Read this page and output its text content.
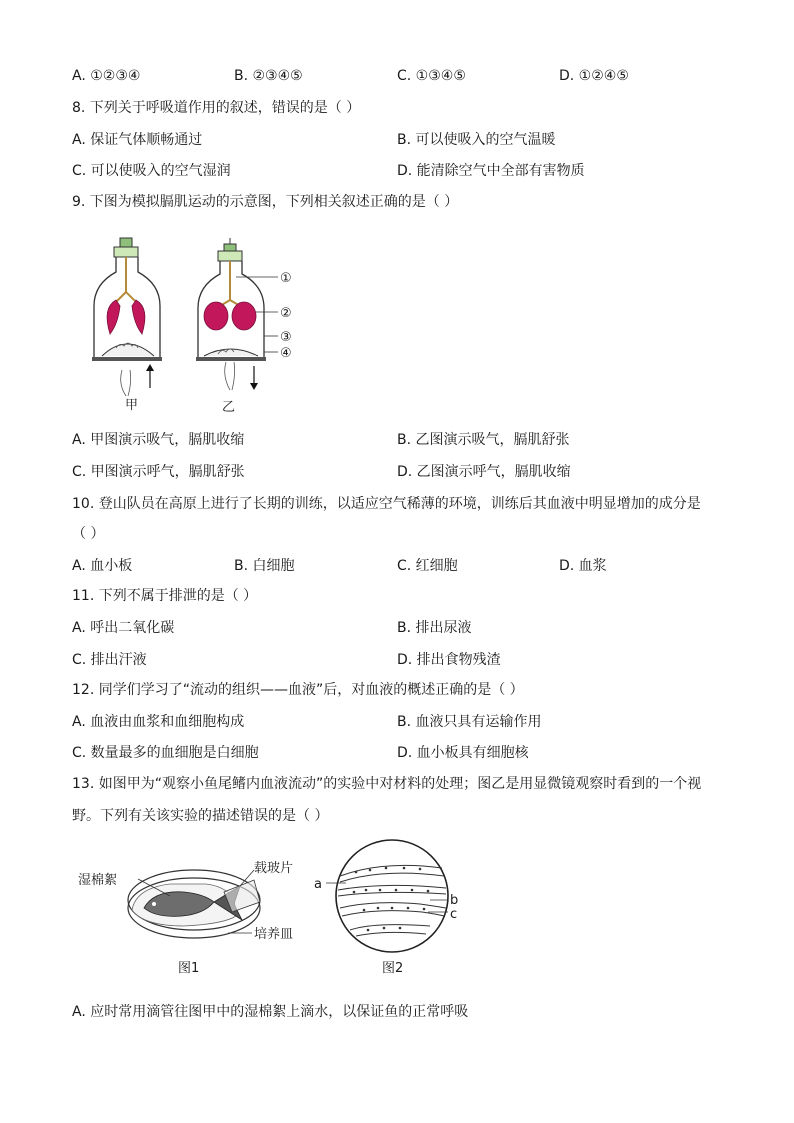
A. ①②③④	B. ②③④⑤	C. ①③④⑤	D. ①②④⑤
8. 下列关于呼吸道作用的叙述，错误的是（ ）
A. 保证气体顺畅通过	B. 可以使吸入的空气温暖
C. 可以使吸入的空气湿润	D. 能清除空气中全部有害物质
9. 下图为模拟膈肌运动的示意图，下列相关叙述正确的是（ ）
①
②
③
④
甲	乙
A. 甲图演示吸气，膈肌收缩	B. 乙图演示吸气，膈肌舒张
C. 甲图演示呼气，膈肌舒张	D. 乙图演示呼气，膈肌收缩
10. 登山队员在高原上进行了长期的训练，以适应空气稀薄的环境，训练后其血液中明显增加的成分是
（ ）
A. 血小板	B. 白细胞	C. 红细胞	D. 血浆
11. 下列不属于排泄的是（ ）
A. 呼出二氧化碳	B. 排出尿液
C. 排出汗液	D. 排出食物残渣
12. 同学们学习了“流动的组织——血液”后，对血液的概述正确的是（ ）
A. 血液由血浆和血细胞构成	B. 血液只具有运输作用
C. 数量最多的血细胞是白细胞	D. 血小板具有细胞核
13. 如图甲为“观察小鱼尾鳍内血液流动”的实验中对材料的处理；图乙是用显微镜观察时看到的一个视
野。下列有关该实验的描述错误的是（ ）
湿棉絮
载玻片
培养皿
图1
a
b
c
图2
A. 应时常用滴管往图甲中的湿棉絮上滴水，以保证鱼的正常呼吸
